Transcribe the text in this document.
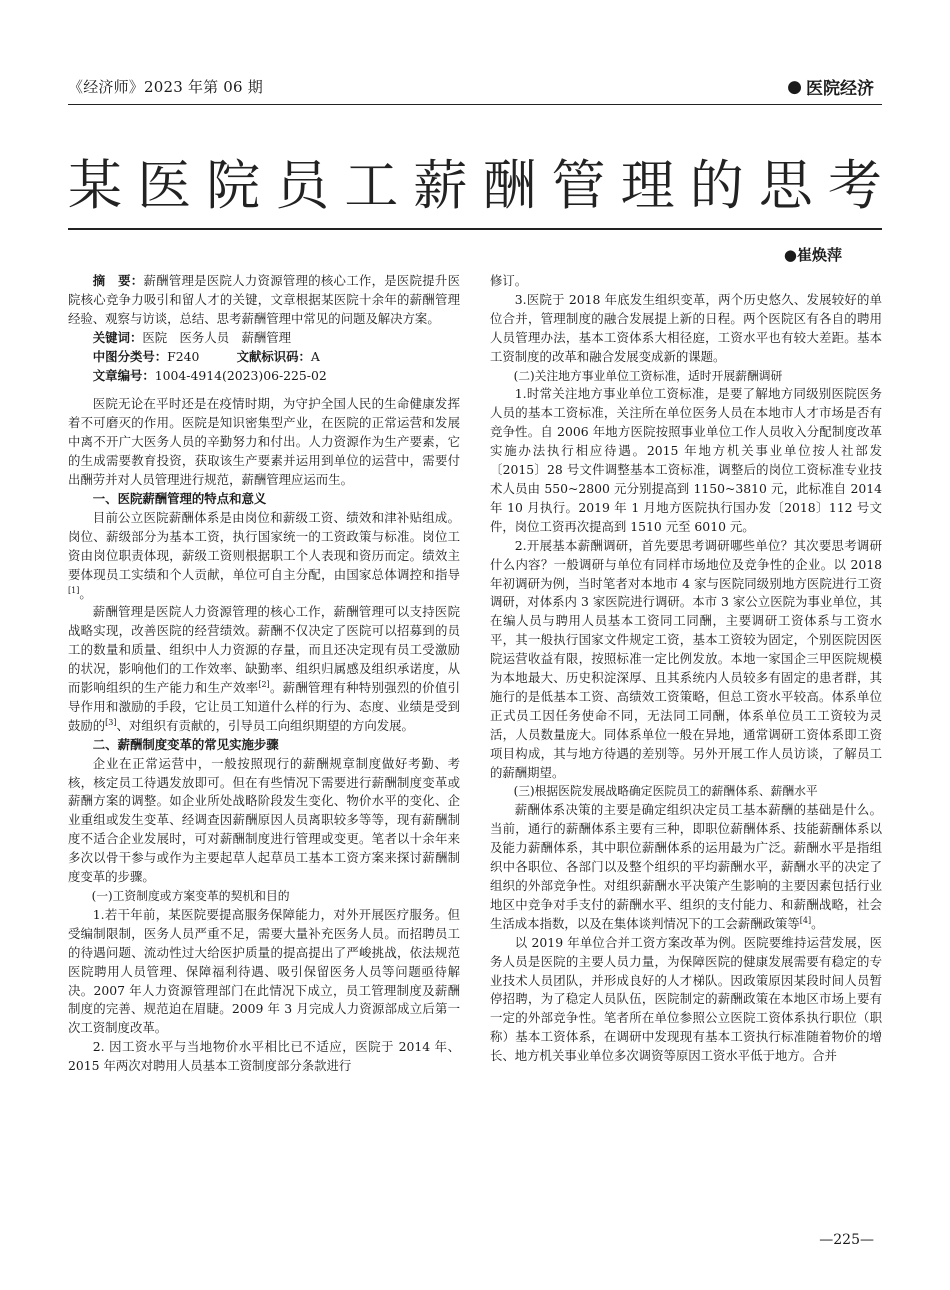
《经济师》2023 年第 06 期	● 医院经济
某 医 院 员 工 薪 酬 管 理 的 思 考
●崔焕萍

摘　要：薪酬管理是医院人力资源管理的核心工作，是医院提升医院核心竞争力吸引和留人才的关键，文章根据某医院十余年的薪酬管理经验、观察与访谈，总结、思考薪酬管理中常见的问题及解决方案。

关键词：医院　医务人员　薪酬管理

中图分类号：F240　　　	文献标识码：A

文章编号：1004-4914(2023)06-225-02

医院无论在平时还是在疫情时期，为守护全国人民的生命健康发挥着不可磨灭的作用。医院是知识密集型产业，在医院的正常运营和发展中离不开广大医务人员的辛勤努力和付出。人力资源作为生产要素，它的生成需要教育投资，获取该生产要素并运用到单位的运营中，需要付出酬劳并对人员管理进行规范，薪酬管理应运而生。

一、医院薪酬管理的特点和意义

目前公立医院薪酬体系是由岗位和薪级工资、绩效和津补贴组成。岗位、薪级部分为基本工资，执行国家统一的工资政策与标准。岗位工资由岗位职责体现，薪级工资则根据职工个人表现和资历而定。绩效主要体现员工实绩和个人贡献，单位可自主分配，由国家总体调控和指导[1]。

薪酬管理是医院人力资源管理的核心工作，薪酬管理可以支持医院战略实现，改善医院的经营绩效。薪酬不仅决定了医院可以招募到的员工的数量和质量、组织中人力资源的存量，而且还决定现有员工受激励的状况，影响他们的工作效率、缺勤率、组织归属感及组织承诺度，从而影响组织的生产能力和生产效率[2]。薪酬管理有种特别强烈的价值引导作用和激励的手段，它让员工知道什么样的行为、态度、业绩是受到鼓励的[3]、对组织有贡献的，引导员工向组织期望的方向发展。

二、薪酬制度变革的常见实施步骤

企业在正常运营中，一般按照现行的薪酬规章制度做好考勤、考核，核定员工待遇发放即可。但在有些情况下需要进行薪酬制度变革或薪酬方案的调整。如企业所处战略阶段发生变化、物价水平的变化、企业重组或发生变革、经调查因薪酬原因人员离职较多等等，现有薪酬制度不适合企业发展时，可对薪酬制度进行管理或变更。笔者以十余年来多次以骨干参与或作为主要起草人起草员工基本工资方案来探讨薪酬制度变革的步骤。

(一)工资制度或方案变革的契机和目的

1.若干年前，某医院要提高服务保障能力，对外开展医疗服务。但受编制限制，医务人员严重不足，需要大量补充医务人员。而招聘员工的待遇问题、流动性过大给医护质量的提高提出了严峻挑战，依法规范医院聘用人员管理、保障福利待遇、吸引保留医务人员等问题亟待解决。2007 年人力资源管理部门在此情况下成立，员工管理制度及薪酬制度的完善、规范迫在眉睫。2009 年 3 月完成人力资源部成立后第一次工资制度改革。

2. 因工资水平与当地物价水平相比已不适应，医院于 2014 年、2015 年两次对聘用人员基本工资制度部分条款进行

修订。

3.医院于 2018 年底发生组织变革，两个历史悠久、发展较好的单位合并，管理制度的融合发展提上新的日程。两个医院区有各自的聘用人员管理办法，基本工资体系大相径庭，工资水平也有较大差距。基本工资制度的改革和融合发展变成新的课题。

(二)关注地方事业单位工资标准，适时开展薪酬调研

1.时常关注地方事业单位工资标准，是要了解地方同级别医院医务人员的基本工资标准，关注所在单位医务人员在本地市人才市场是否有竞争性。自 2006 年地方医院按照事业单位工作人员收入分配制度改革实施办法执行相应待遇。2015 年地方机关事业单位按人社部发〔2015〕28 号文件调整基本工资标准，调整后的岗位工资标准专业技术人员由 550~2800 元分别提高到 1150~3810 元，此标准自 2014 年 10 月执行。2019 年 1 月地方医院执行国办发〔2018〕112 号文件，岗位工资再次提高到 1510 元至 6010 元。

2.开展基本薪酬调研，首先要思考调研哪些单位？其次要思考调研什么内容？一般调研与单位有同样市场地位及竞争性的企业。以 2018 年初调研为例，当时笔者对本地市 4 家与医院同级别地方医院进行工资调研，对体系内 3 家医院进行调研。本市 3 家公立医院为事业单位，其在编人员与聘用人员基本工资同工同酬，主要调研工资体系与工资水平，其一般执行国家文件规定工资，基本工资较为固定，个别医院因医院运营收益有限，按照标准一定比例发放。本地一家国企三甲医院规模为本地最大、历史积淀深厚、且其系统内人员较多有固定的患者群，其施行的是低基本工资、高绩效工资策略，但总工资水平较高。体系单位正式员工因任务使命不同，无法同工同酬，体系单位员工工资较为灵活，人员数量庞大。同体系单位一般在异地，通常调研工资体系即工资项目构成，其与地方待遇的差别等。另外开展工作人员访谈，了解员工的薪酬期望。

(三)根据医院发展战略确定医院员工的薪酬体系、薪酬水平

薪酬体系决策的主要是确定组织决定员工基本薪酬的基础是什么。当前，通行的薪酬体系主要有三种，即职位薪酬体系、技能薪酬体系以及能力薪酬体系，其中职位薪酬体系的运用最为广泛。薪酬水平是指组织中各职位、各部门以及整个组织的平均薪酬水平，薪酬水平的决定了组织的外部竞争性。对组织薪酬水平决策产生影响的主要因素包括行业地区中竞争对手支付的薪酬水平、组织的支付能力、和薪酬战略，社会生活成本指数，以及在集体谈判情况下的工会薪酬政策等[4]。

以 2019 年单位合并工资方案改革为例。医院要维持运营发展，医务人员是医院的主要人员力量，为保障医院的健康发展需要有稳定的专业技术人员团队，并形成良好的人才梯队。因政策原因某段时间人员暂停招聘，为了稳定人员队伍，医院制定的薪酬政策在本地区市场上要有一定的外部竞争性。笔者所在单位参照公立医院工资体系执行职位（职称）基本工资体系，在调研中发现现有基本工资执行标准随着物价的增长、地方机关事业单位多次调资等原因工资水平低于地方。合并

—225—
